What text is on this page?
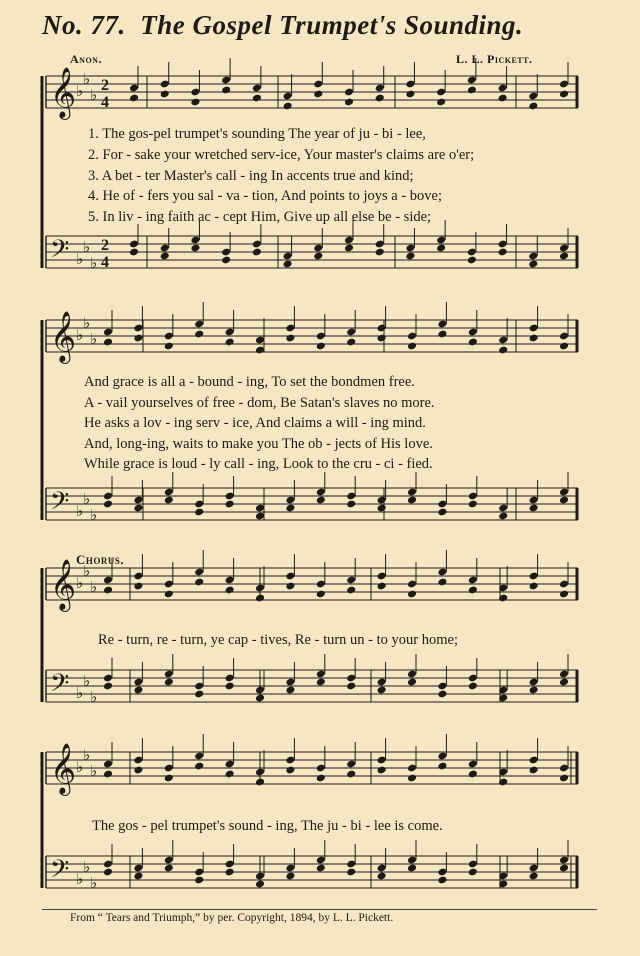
No. 77. The Gospel Trumpet's Sounding.
Anon.	L. L. Pickett.
𝄞 ♭
♭
♭
2
4
𝄢 ♭
♭
♭
2
4
𝄞 ♭
♭
♭
𝄢 ♭
♭
♭
𝄞 ♭
♭
♭
𝄢 ♭
♭
♭
𝄞 ♭
♭
♭
𝄢 ♭
♭
♭
1. The gos-pel trumpet's sounding The year of ju - bi - lee,
2. For - sake your wretched serv-ice, Your master's claims are o'er;
3. A bet - ter Master's call - ing In accents true and kind;
4. He of - fers you sal - va - tion, And points to joys a - bove;
5. In liv - ing faith ac - cept Him, Give up all else be - side;
And grace is all a - bound - ing, To set the bondmen free.
A - vail yourselves of free - dom, Be Satan's slaves no more.
He asks a lov - ing serv - ice, And claims a will - ing mind.
And, long-ing, waits to make you The ob - jects of His love.
While grace is loud - ly call - ing, Look to the cru - ci - fied.
Chorus.
Re - turn, re - turn, ye cap - tives, Re - turn un - to your home;
The gos - pel trumpet's sound - ing, The ju - bi - lee is come.
From “ Tears and Triumph,” by per. Copyright, 1894, by L. L. Pickett.
